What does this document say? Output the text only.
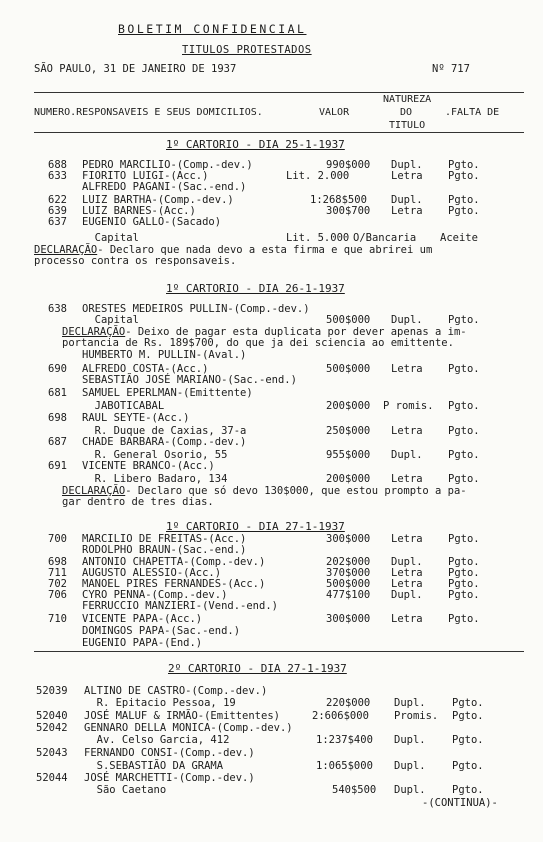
BOLETIM CONFIDENCIAL
TITULOS PROTESTADOS
SÃO PAULO, 31 DE JANEIRO DE 1937	Nº 717
NATUREZA
NUMERO.RESPONSAVEIS E SEUS DOMICILIOS.	VALOR	DO	.FALTA DE
TITULO
1º CARTORIO - DIA 25-1-1937
688 PEDRO MARCILIO-(Comp.-dev.)	990$000 Dupl. Pgto.
633 FIORITO LUIGI-(Acc.)	Lit. 2.000	Letra Pgto.
ALFREDO PAGANI-(Sac.-end.)
622 LUIZ BARTHA-(Comp.-dev.)	1:268$500 Dupl. Pgto.
639 LUIZ BARNES-(Acc.)	300$700 Letra Pgto.
637 EUGENIO GALLO-(Sacado)
Capital	Lit. 5.000 O/Bancaria Aceite
DECLARAÇÃO- Declaro que nada devo a esta firma e que abrirei um
processo contra os responsaveis.
1º CARTORIO - DIA 26-1-1937
638 ORESTES MEDEIROS PULLIN-(Comp.-dev.)
Capital	500$000 Dupl. Pgto.
DECLARAÇÃO- Deixo de pagar esta duplicata por dever apenas a im-
portancia de Rs. 189$700, do que ja dei sciencia ao emittente.
HUMBERTO M. PULLIN-(Aval.)
690 ALFREDO COSTA-(Acc.)	500$000 Letra Pgto.
SEBASTIÃO JOSÉ MARIANO-(Sac.-end.)
681 SAMUEL EPERLMAN-(Emittente)
JABOTICABAL	200$000 P romis. Pgto.
698 RAUL SEYTE-(Acc.)
R. Duque de Caxias, 37-a	250$000 Letra Pgto.
687 CHADE BARBARA-(Comp.-dev.)
R. General Osorio, 55	955$000 Dupl. Pgto.
691 VICENTE BRANCO-(Acc.)
R. Libero Badaro, 134	200$000 Letra Pgto.
DECLARAÇÃO- Declaro que só devo 130$000, que estou prompto a pa-
gar dentro de tres dias.
1º CARTORIO - DIA 27-1-1937
700 MARCILIO DE FREITAS-(Acc.)	300$000 Letra Pgto.
RODOLPHO BRAUN-(Sac.-end.)
698 ANTONIO CHAPETTA-(Comp.-dev.)	202$000 Dupl. Pgto.
711 AUGUSTO ALESSIO-(Acc.)	370$000 Letra Pgto.
702 MANOEL PIRES FERNANDES-(Acc.)	500$000 Letra Pgto.
706 CYRO PENNA-(Comp.-dev.)	477$100 Dupl. Pgto.
FERRUCCIO MANZIERI-(Vend.-end.)
710 VICENTE PAPA-(Acc.)	300$000 Letra Pgto.
DOMINGOS PAPA-(Sac.-end.)
EUGENIO PAPA-(End.)
2º CARTORIO - DIA 27-1-1937
52039 ALTINO DE CASTRO-(Comp.-dev.)
R. Epitacio Pessoa, 19	220$000 Dupl.	Pgto.
52040 JOSÉ MALUF & IRMÃO-(Emittentes)	2:606$000 Promis. Pgto.
52042 GENNARO DELLA MONICA-(Comp.-dev.)
Av. Celso Garcia, 412	1:237$400 Dupl.	Pgto.
52043 FERNANDO CONSI-(Comp.-dev.)
S.SEBASTIÃO DA GRAMA	1:065$000 Dupl.	Pgto.
52044 JOSÉ MARCHETTI-(Comp.-dev.)
São Caetano	540$500 Dupl.	Pgto.
-(CONTINUA)-
